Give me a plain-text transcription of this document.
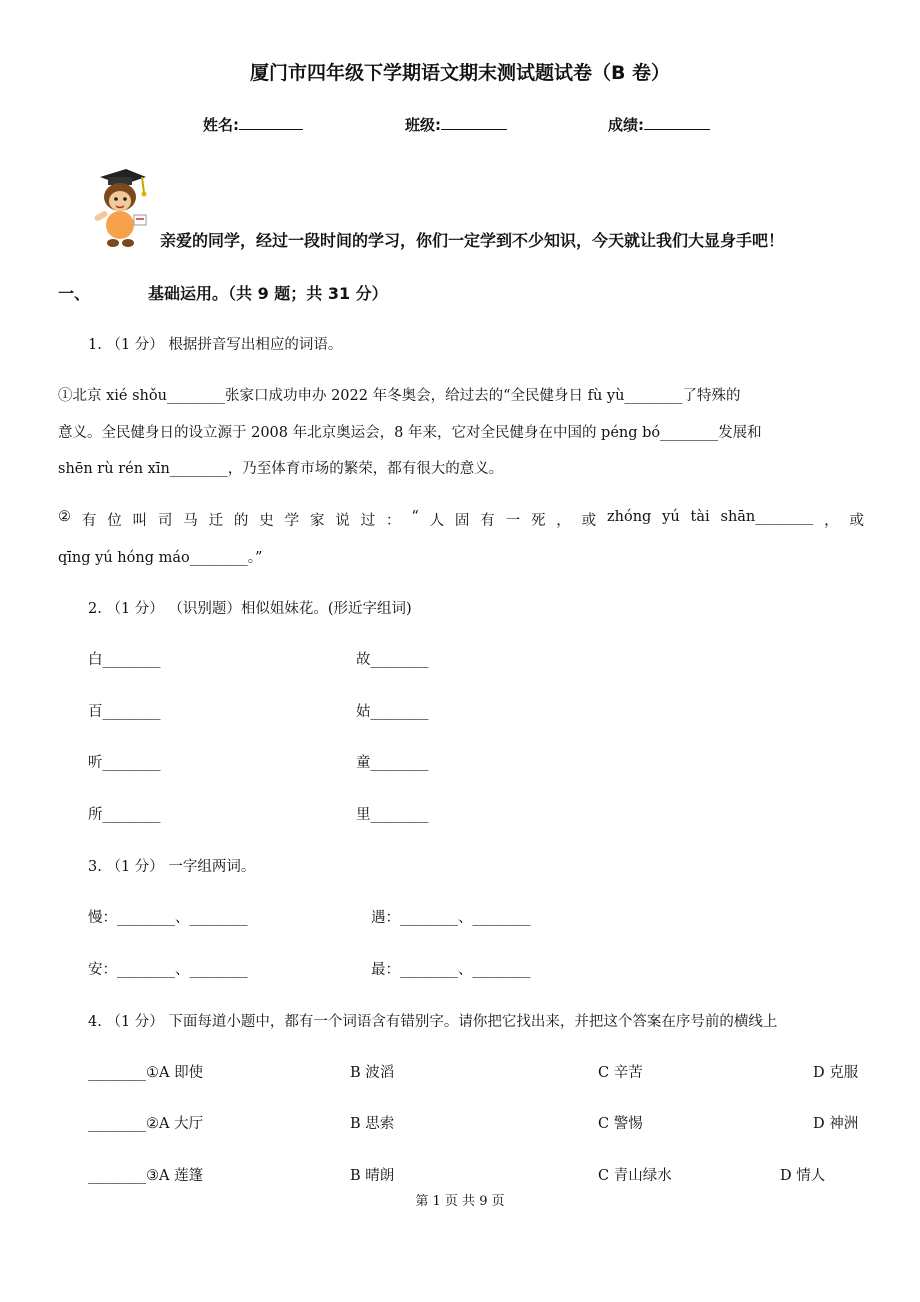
厦门市四年级下学期语文期末测试题试卷（B 卷）
姓名:	班级:	成绩:
亲爱的同学，经过一段时间的学习，你们一定学到不少知识，今天就让我们大显身手吧！
一、	基础运用。（共 9 题；共 31 分）
1. （1 分） 根据拼音写出相应的词语。
①北京 xié shǒu________张家口成功申办 2022 年冬奥会，给过去的“全民健身日 fù yù________了特殊的
意义。全民健身日的设立源于 2008 年北京奥运会，8 年来，它对全民健身在中国的 péng bó________发展和
shēn rù rén xīn________，乃至体育市场的繁荣，都有很大的意义。
② 有 位 叫 司 马 迁 的 史 学 家 说 过 ： “ 人 固 有 一 死 ， 或 zhóng yú tài shān________ ， 或
qīng yú hóng máo________。”
2. （1 分） （识别题）相似姐妹花。(形近字组词)
白________	故________
百________	姑________
听________	童________
所________	里________
3. （1 分） 一字组两词。
慢：________、________	遇：________、________
安：________、________	最：________、________
4. （1 分） 下面每道小题中，都有一个词语含有错别字。请你把它找出来，并把这个答案在序号前的横线上
________①A 即使	B 波滔	C 辛苦	D 克服
________②A 大厅	B 思索	C 警惕	D 神洲
________③A 莲篷	B 晴朗	C 青山绿水	D 情人
第 1 页 共 9 页
